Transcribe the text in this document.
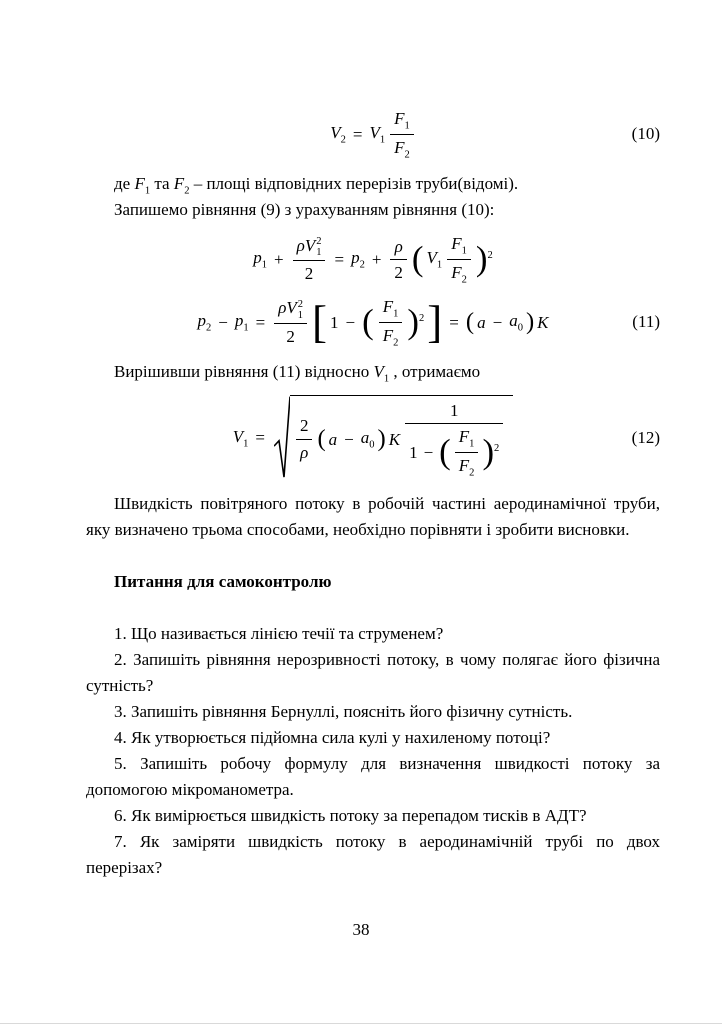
$V_2 = V_1 \frac{F_1}{F_2}$	(10)

де $F_1$ та $F_2$ – площі відповідних перерізів труби(відомі).

Запишемо рівняння (9) з урахуванням рівняння (10):

$p_1 + \rho V$ 2
1
$2 = p_2 + \frac{\rho}{2}$ ( $V_1 \frac{F_1}{F_2} )^2$
$p_2 - p_1 = \rho V$ 2
1
2 [ 1 − ( $\frac{F_1}{F_2} )^2$ ] = ( $a - a_0$ ) K	(11)

Вирішивши рівняння (11) відносно $V_1$ , отримаємо

$V_1 = \frac{2}{\rho}$ ( $a - a_0$ ) K
1
1 − ( $\frac{F_1}{F_2} )^2$
(12)

Швидкість повітряного потоку в робочій частині аеродинамічної труби, яку визначено трьома способами, необхідно порівняти і зробити висновки.

Питання для самоконтролю

1. Що називається лінією течії та струменем?

2. Запишіть рівняння нерозривності потоку, в чому полягає його фізична сутність?

3. Запишіть рівняння Бернуллі, поясніть його фізичну сутність.

4. Як утворюється підйомна сила кулі у нахиленому потоці?

5. Запишіть робочу формулу для визначення швидкості потоку за допомогою мікроманометра.

6. Як вимірюється швидкість потоку за перепадом тисків в АДТ?

7. Як заміряти швидкість потоку в аеродинамічній трубі по двох перерізах?

38
